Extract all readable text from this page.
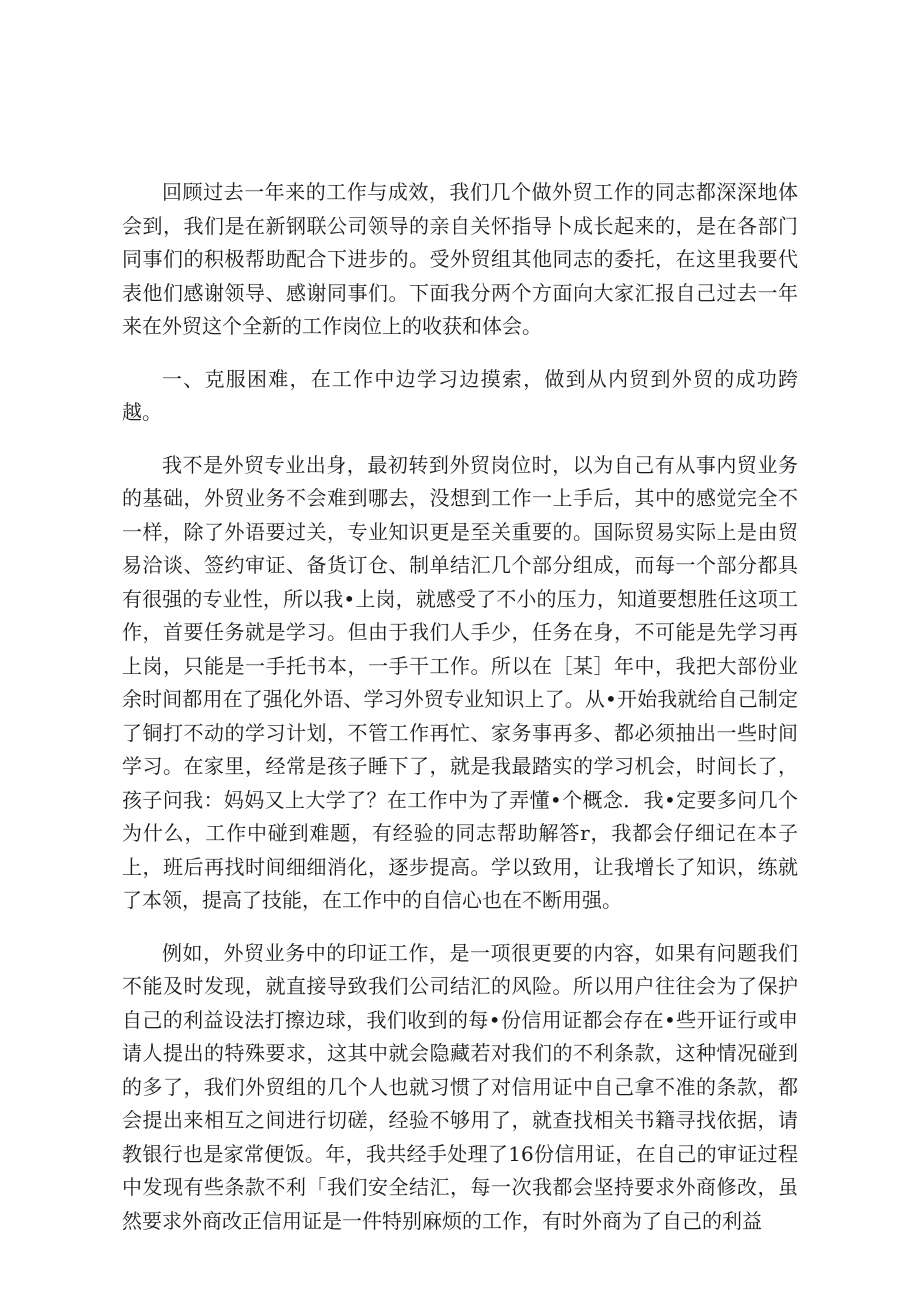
回顾过去一年来的工作与成效，我们几个做外贸工作的同志都深深地体会到，我们是在新钢联公司领导的亲自关怀指导卜成长起来的，是在各部门同事们的积极帮助配合下进步的。受外贸组其他同志的委托，在这里我要代表他们感谢领导、感谢同事们。下面我分两个方面向大家汇报自己过去一年来在外贸这个全新的工作岗位上的收获和体会。

一、克服困难，在工作中边学习边摸索，做到从内贸到外贸的成功跨越。

我不是外贸专业出身，最初转到外贸岗位时，以为自己有从事内贸业务的基础，外贸业务不会难到哪去，没想到工作一上手后，其中的感觉完全不一样，除了外语要过关，专业知识更是至关重要的。国际贸易实际上是由贸易洽谈、签约审证、备货订仓、制单结汇几个部分组成，而每一个部分都具有很强的专业性，所以我•上岗，就感受了不小的压力，知道要想胜任这项工作，首要任务就是学习。但由于我们人手少，任务在身，不可能是先学习再上岗，只能是一手托书本，一手干工作。所以在［某］年中，我把大部份业余时间都用在了强化外语、学习外贸专业知识上了。从•开始我就给自己制定了铜打不动的学习计划，不管工作再忙、家务事再多、都必须抽出一些时间学习。在家里，经常是孩子睡下了，就是我最踏实的学习机会，时间长了，孩子问我：妈妈又上大学了？在工作中为了弄懂•个概念．我•定要多问几个为什么，工作中碰到难题，有经验的同志帮助解答r，我都会仔细记在本子上，班后再找时间细细消化，逐步提高。学以致用，让我增长了知识，练就了本领，提高了技能，在工作中的自信心也在不断用强。

例如，外贸业务中的印证工作，是一项很更要的内容，如果有问题我们不能及时发现，就直接导致我们公司结汇的风险。所以用户往往会为了保护自己的利益设法打擦边球，我们收到的每•份信用证都会存在•些开证行或申请人提出的特殊要求，这其中就会隐藏若对我们的不利条款，这种情况碰到的多了，我们外贸组的几个人也就习惯了对信用证中自己拿不准的条款，都会提出来相互之间进行切磋，经验不够用了，就查找相关书籍寻找依据，请教银行也是家常便饭。年，我共经手处理了16份信用证，在自己的审证过程中发现有些条款不利「我们安全结汇，每一次我都会坚持要求外商修改，虽然要求外商改正信用证是一件特别麻烦的工作，有时外商为了自己的利益
